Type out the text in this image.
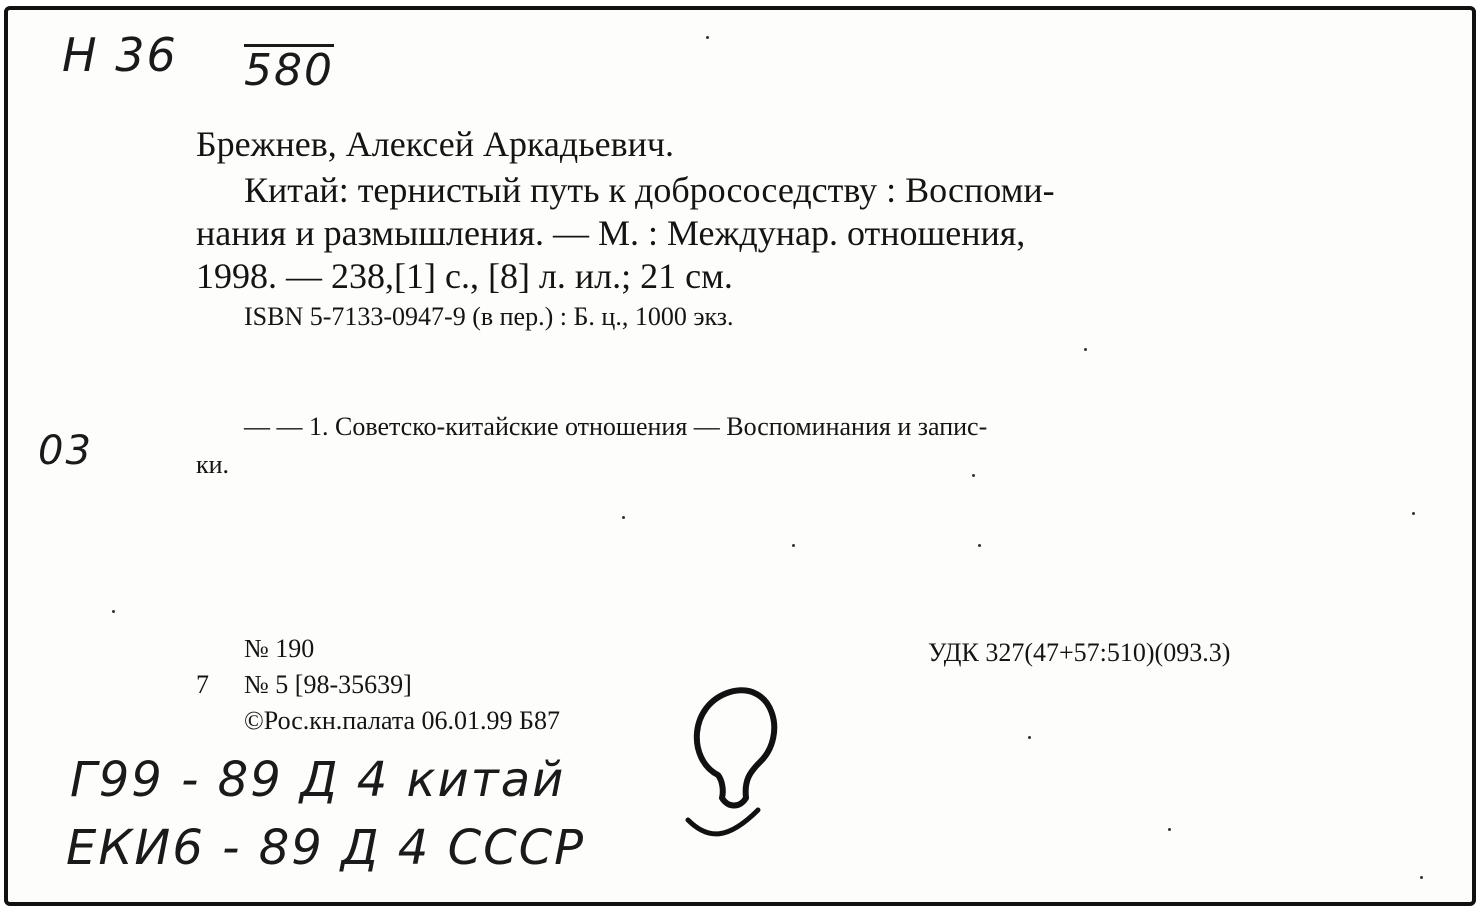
Н 36 580
Брежнев, Алексей Аркадьевич.
Китай: тернистый путь к добрососедству : Воспоми-
нания и размышления. — М. : Междунар. отношения,
1998. — 238,[1] с., [8] л. ил.; 21 см.
ISBN 5-7133-0947-9 (в пер.) : Б. ц., 1000 экз.
03
— — 1. Советско-китайские отношения — Воспоминания и запис-
ки.
№ 190	УДК 327(47+57:510)(093.3)
7 № 5 [98-35639]
©Рос.кн.палата 06.01.99 Б87
Г99 - 89 Д 4 китай
ЕКИ6 - 89 Д 4 СССР
